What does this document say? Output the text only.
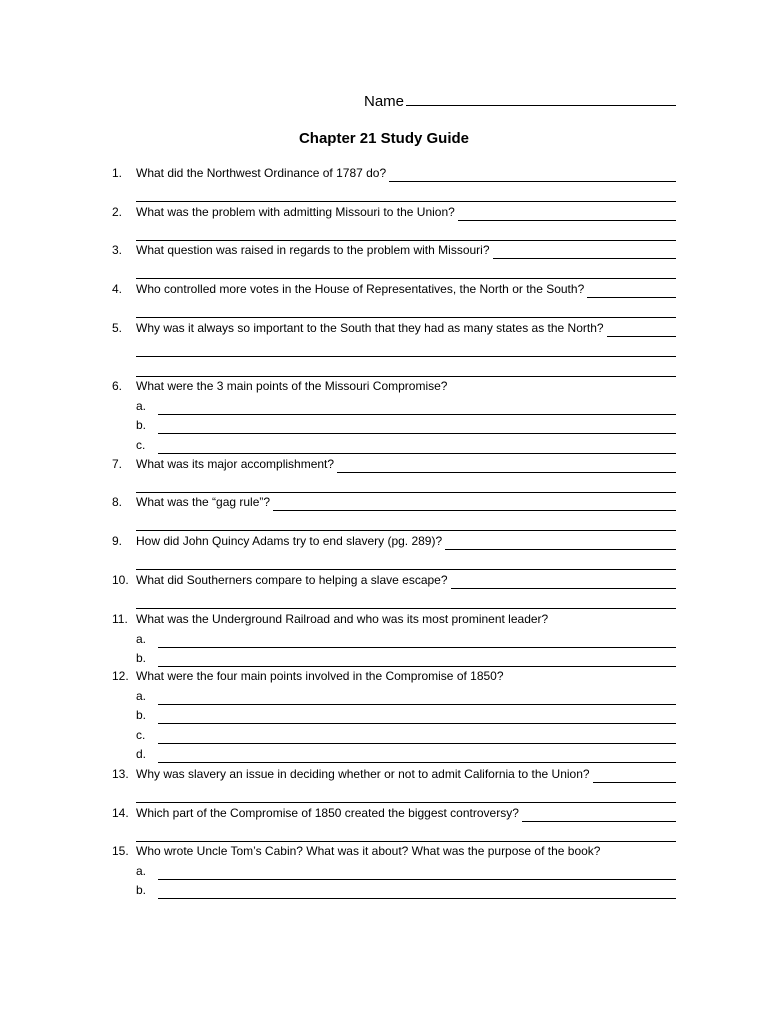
Name
Chapter 21 Study Guide
1.	What did the Northwest Ordinance of 1787 do?
2.	What was the problem with admitting Missouri to the Union?
3.	What question was raised in regards to the problem with Missouri?
4.	Who controlled more votes in the House of Representatives, the North or the South?
5.	Why was it always so important to the South that they had as many states as the North?
6.	What were the 3 main points of the Missouri Compromise?
a.
b.
c.
7.	What was its major accomplishment?
8.	What was the “gag rule”?
9.	How did John Quincy Adams try to end slavery (pg. 289)?
10. What did Southerners compare to helping a slave escape?
11. What was the Underground Railroad and who was its most prominent leader?
a.
b.
12. What were the four main points involved in the Compromise of 1850?
a.
b.
c.
d.
13. Why was slavery an issue in deciding whether or not to admit California to the Union?
14. Which part of the Compromise of 1850 created the biggest controversy?
15. Who wrote Uncle Tom’s Cabin? What was it about? What was the purpose of the book?
a.
b.
